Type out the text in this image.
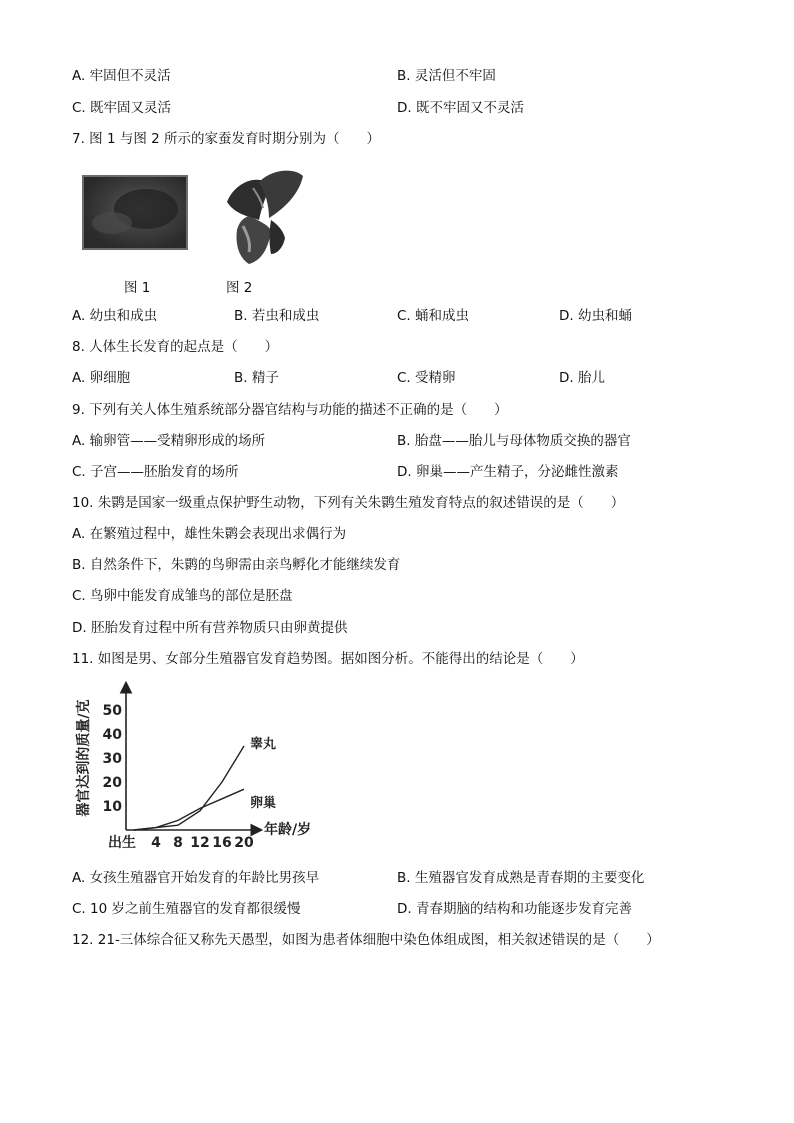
A. 牢固但不灵活	B. 灵活但不牢固
C. 既牢固又灵活	D. 既不牢固又不灵活
7. 图 1 与图 2 所示的家蚕发育时期分别为（　　）
图 1	图 2
A. 幼虫和成虫	B. 若虫和成虫	C. 蛹和成虫	D. 幼虫和蛹
8. 人体生长发育的起点是（　　）
A. 卵细胞	B. 精子	C. 受精卵	D. 胎儿
9. 下列有关人体生殖系统部分器官结构与功能的描述不正确的是（　　）
A. 输卵管——受精卵形成的场所	B. 胎盘——胎儿与母体物质交换的器官
C. 子宫——胚胎发育的场所	D. 卵巢——产生精子，分泌雌性激素
10. 朱鹮是国家一级重点保护野生动物，下列有关朱鹮生殖发育特点的叙述错误的是（　　）
A. 在繁殖过程中，雄性朱鹮会表现出求偶行为
B. 自然条件下，朱鹮的鸟卵需由亲鸟孵化才能继续发育
C. 鸟卵中能发育成雏鸟的部位是胚盘
D. 胚胎发育过程中所有营养物质只由卵黄提供
11. 如图是男、女部分生殖器官发育趋势图。据如图分析。不能得出的结论是（　　）
器官达到的质量/克
年龄/岁
10
20
30
40
50
出生 4 8 12 16 20
睾丸
卵巢
A. 女孩生殖器官开始发育的年龄比男孩早	B. 生殖器官发育成熟是青春期的主要变化
C. 10 岁之前生殖器官的发育都很缓慢	D. 青春期脑的结构和功能逐步发育完善
12. 21-三体综合征又称先天愚型，如图为患者体细胞中染色体组成图，相关叙述错误的是（　　）
